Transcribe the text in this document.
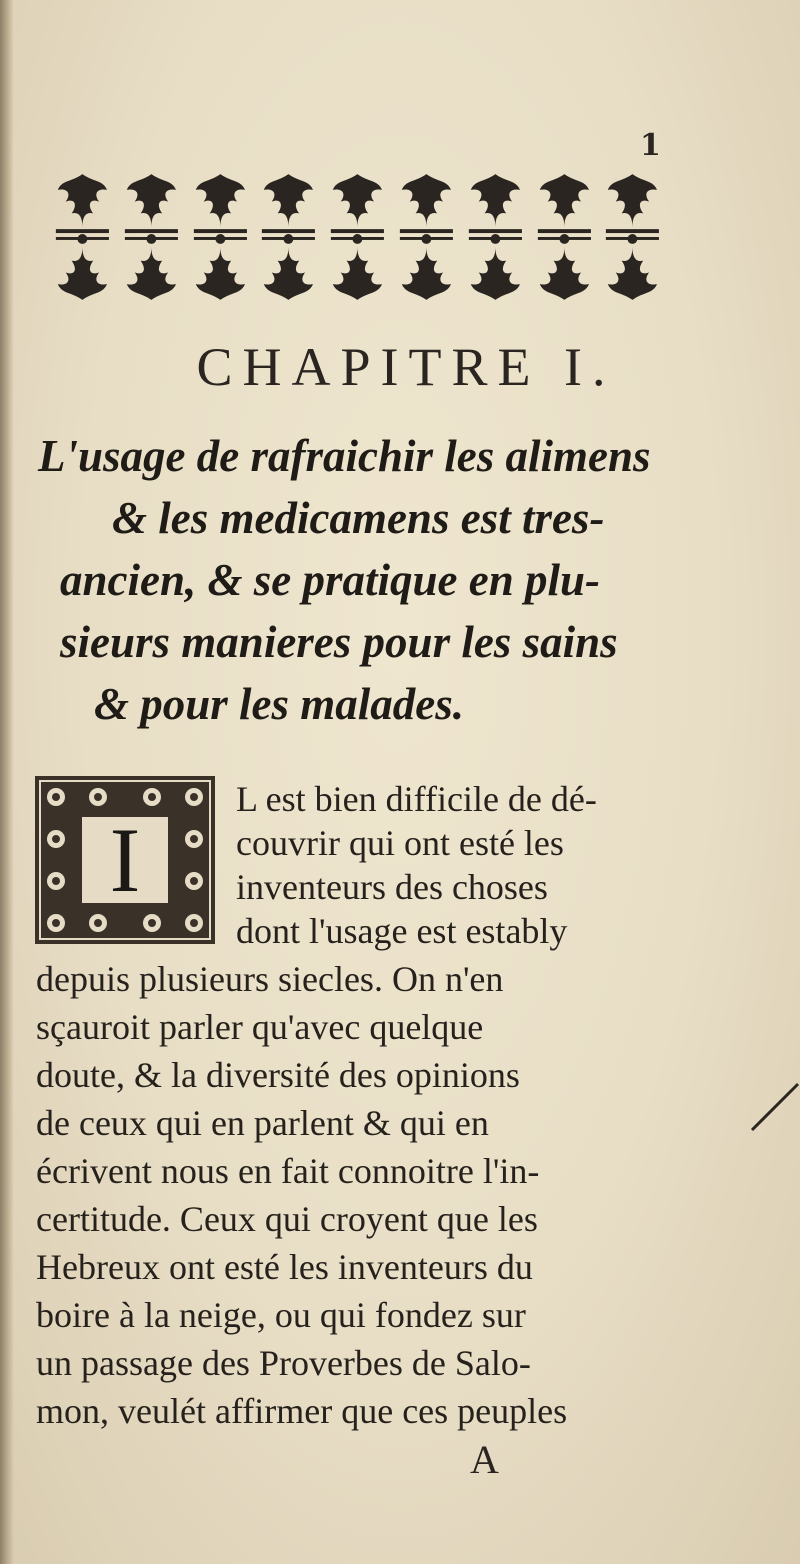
1
CHAPITRE I.
L'usage de rafraichir les alimens
& les medicamens est tres-
ancien, & se pratique en plu-
sieurs manieres pour les sains
& pour les malades.
I
L est bien difficile de dé-
couvrir qui ont esté les
inventeurs des choses
dont l'usage est estably
depuis plusieurs siecles. On n'en
sçauroit parler qu'avec quelque
doute, & la diversité des opinions
de ceux qui en parlent & qui en
écrivent nous en fait connoitre l'in-
certitude. Ceux qui croyent que les
Hebreux ont esté les inventeurs du
boire à la neige, ou qui fondez sur
un passage des Proverbes de Salo-
mon, veulét affirmer que ces peuples
A
